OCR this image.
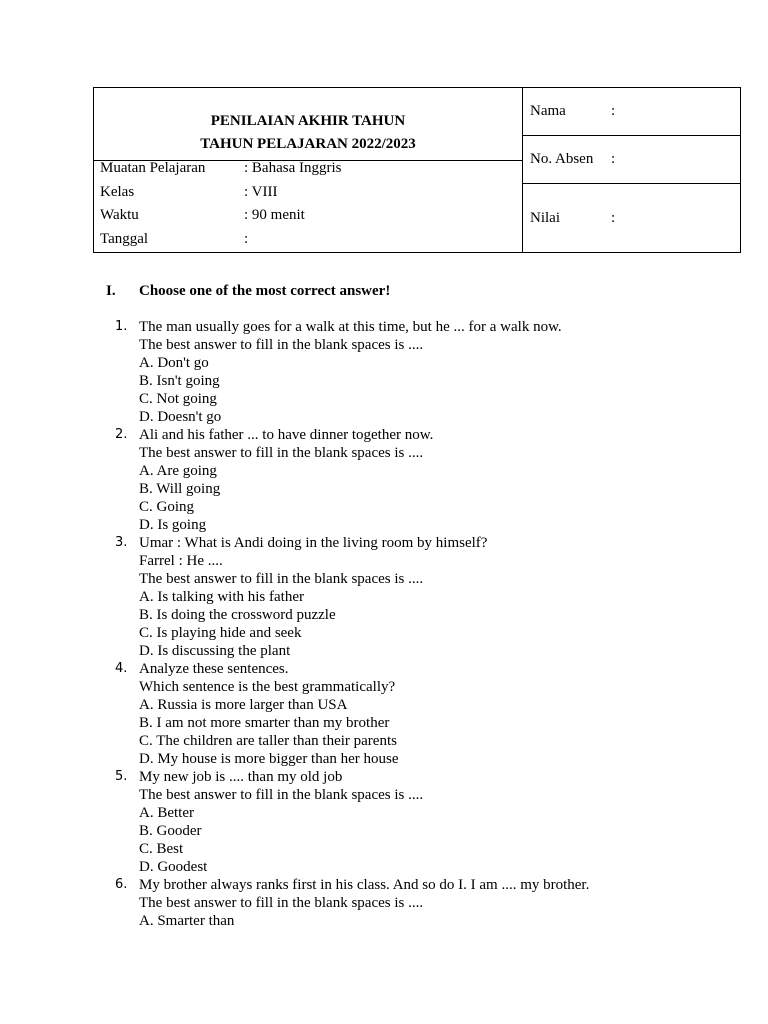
PENILAIAN AKHIR TAHUN
TAHUN PELAJARAN 2022/2023
Muatan Pelajaran	: Bahasa Inggris
Kelas	: VIII
Waktu	: 90 menit
Tanggal	:
Nama	:
No. Absen :
Nilai	:
I. Choose one of the most correct answer!
1. The man usually goes for a walk at this time, but he ... for a walk now.
The best answer to fill in the blank spaces is ....
A. Don't go
B. Isn't going
C. Not going
D. Doesn't go
2. Ali and his father ... to have dinner together now.
The best answer to fill in the blank spaces is ....
A. Are going
B. Will going
C. Going
D. Is going
3. Umar : What is Andi doing in the living room by himself?
Farrel : He ....
The best answer to fill in the blank spaces is ....
A. Is talking with his father
B. Is doing the crossword puzzle
C. Is playing hide and seek
D. Is discussing the plant
4. Analyze these sentences.
Which sentence is the best grammatically?
A. Russia is more larger than USA
B. I am not more smarter than my brother
C. The children are taller than their parents
D. My house is more bigger than her house
5. My new job is .... than my old job
The best answer to fill in the blank spaces is ....
A. Better
B. Gooder
C. Best
D. Goodest
6. My brother always ranks first in his class. And so do I. I am .... my brother.
The best answer to fill in the blank spaces is ....
A. Smarter than
